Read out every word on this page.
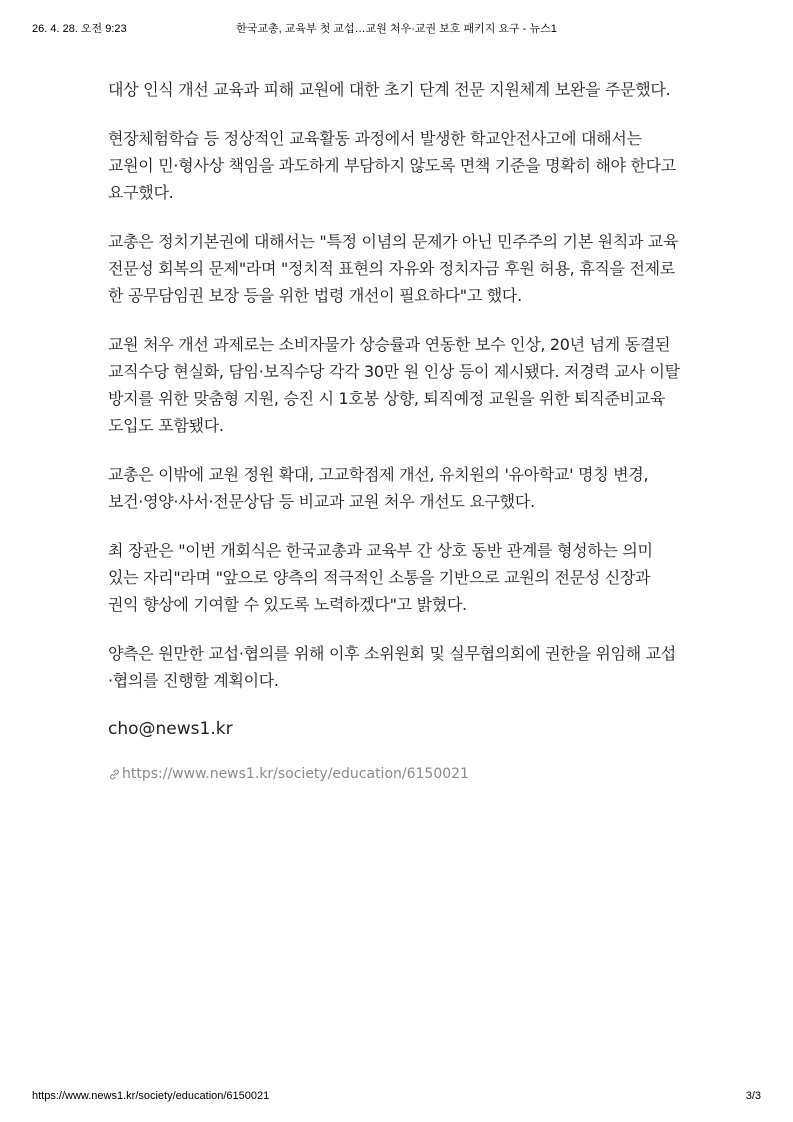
26. 4. 28. 오전 9:23	한국교총, 교육부 첫 교섭…교원 처우·교권 보호 패키지 요구 - 뉴스1

대상 인식 개선 교육과 피해 교원에 대한 초기 단계 전문 지원체계 보완을 주문했다.

현장체험학습 등 정상적인 교육활동 과정에서 발생한 학교안전사고에 대해서는 교원이 민·형사상 책임을 과도하게 부담하지 않도록 면책 기준을 명확히 해야 한다고 요구했다.

교총은 정치기본권에 대해서는 "특정 이념의 문제가 아닌 민주주의 기본 원칙과 교육 전문성 회복의 문제"라며 "정치적 표현의 자유와 정치자금 후원 허용, 휴직을 전제로 한 공무담임권 보장 등을 위한 법령 개선이 필요하다"고 했다.

교원 처우 개선 과제로는 소비자물가 상승률과 연동한 보수 인상, 20년 넘게 동결된 교직수당 현실화, 담임·보직수당 각각 30만 원 인상 등이 제시됐다. 저경력 교사 이탈 방지를 위한 맞춤형 지원, 승진 시 1호봉 상향, 퇴직예정 교원을 위한 퇴직준비교육 도입도 포함됐다.

교총은 이밖에 교원 정원 확대, 고교학점제 개선, 유치원의 '유아학교' 명칭 변경, 보건·영양·사서·전문상담 등 비교과 교원 처우 개선도 요구했다.

최 장관은 "이번 개회식은 한국교총과 교육부 간 상호 동반 관계를 형성하는 의미 있는 자리"라며 "앞으로 양측의 적극적인 소통을 기반으로 교원의 전문성 신장과 권익 향상에 기여할 수 있도록 노력하겠다"고 밝혔다.

양측은 원만한 교섭·협의를 위해 이후 소위원회 및 실무협의회에 권한을 위임해 교섭·협의를 진행할 계획이다.

cho@news1.kr

https://www.news1.kr/society/education/6150021
https://www.news1.kr/society/education/6150021	3/3
